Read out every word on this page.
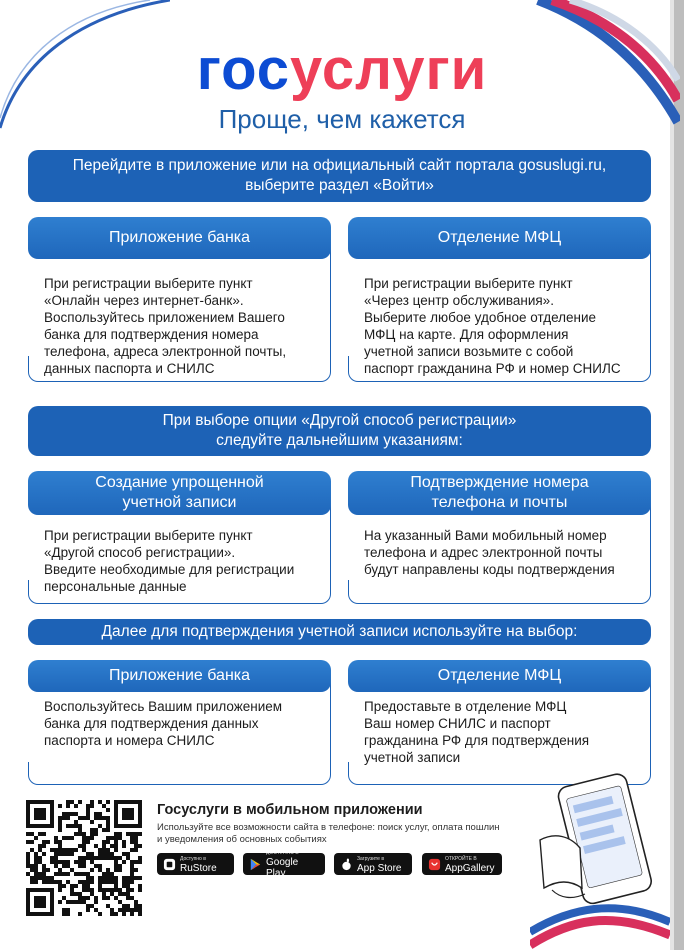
госуслуги
Проще, чем кажется
Перейдите в приложение или на официальный сайт портала gosuslugi.ru,
выберите раздел «Войти»
Приложение банка
При регистрации выберите пункт
«Онлайн через интернет-банк».
Воспользуйтесь приложением Вашего
банка для подтверждения номера
телефона, адреса электронной почты,
данных паспорта и СНИЛС
Отделение МФЦ
При регистрации выберите пункт
«Через центр обслуживания».
Выберите любое удобное отделение
МФЦ на карте. Для оформления
учетной записи возьмите с собой
паспорт гражданина РФ и номер СНИЛС
При выборе опции «Другой способ регистрации»
следуйте дальнейшим указаниям:
Создание упрощенной
учетной записи
При регистрации выберите пункт
«Другой способ регистрации».
Введите необходимые для регистрации
персональные данные
Подтверждение номера
телефона и почты
На указанный Вами мобильный номер
телефона и адрес электронной почты
будут направлены коды подтверждения
Далее для подтверждения учетной записи используйте на выбор:
Приложение банка
Воспользуйтесь Вашим приложением
банка для подтверждения данных
паспорта и номера СНИЛС
Отделение МФЦ
Предоставьте в отделение МФЦ
Ваш номер СНИЛС и паспорт
гражданина РФ для подтверждения
учетной записи
Госуслуги в мобильном приложении
Используйте все возможности сайта в телефоне: поиск услуг, оплата пошлин
и уведомления об основных событиях
Доступно в
RuStore
ДОСТУПНО В
Google Play
Загрузите в
App Store
ОТКРОЙТЕ В
AppGallery
